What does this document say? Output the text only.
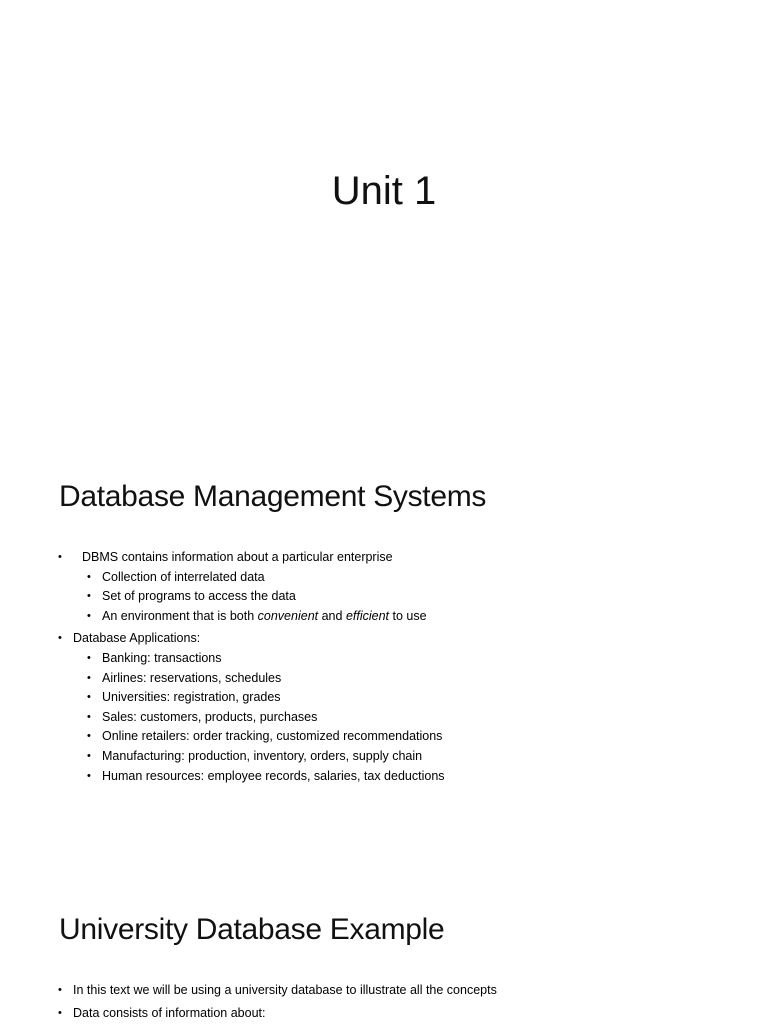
Unit 1
Database Management Systems
• DBMS contains information about a particular enterprise
• Collection of interrelated data
• Set of programs to access the data
• An environment that is both convenient and efficient to use
• Database Applications:
• Banking: transactions
• Airlines: reservations, schedules
• Universities: registration, grades
• Sales: customers, products, purchases
• Online retailers: order tracking, customized recommendations
• Manufacturing: production, inventory, orders, supply chain
• Human resources: employee records, salaries, tax deductions
University Database Example
• In this text we will be using a university database to illustrate all the concepts
• Data consists of information about:
